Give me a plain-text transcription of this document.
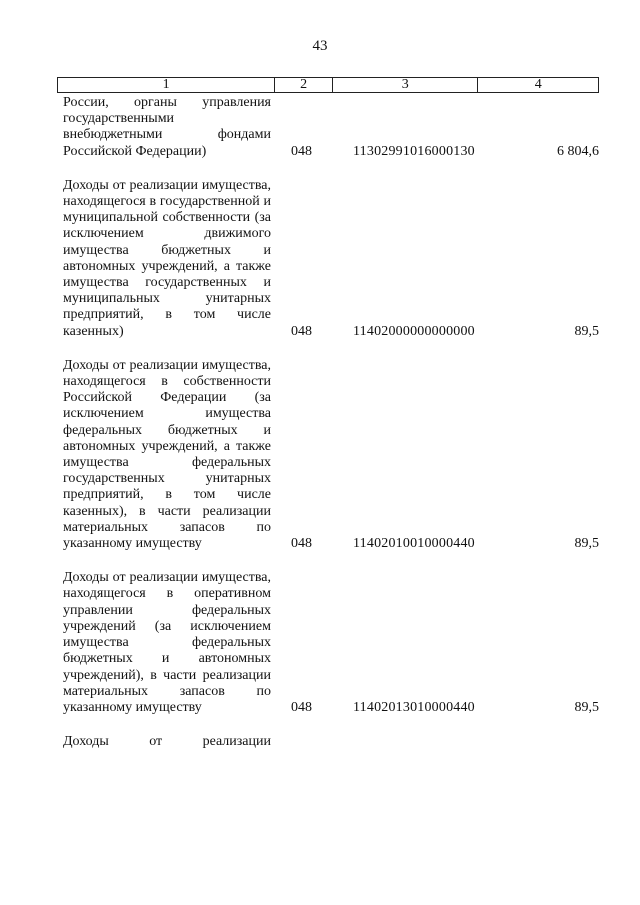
43
1	2	3	4
России, органы управления государственными внебюджетными фондами Российской Федерации)	048	11302991016000130	6 804,6
Доходы от реализации имущества, находящегося в государственной и муниципальной собственности (за исключением движимого имущества бюджетных и автономных учреждений, а также имущества государственных и муниципальных унитарных предприятий, в том числе казенных)	048	11402000000000000	89,5
Доходы от реализации имущества, находящегося в собственности Российской Федерации (за исключением имущества федеральных бюджетных и автономных учреждений, а также имущества федеральных государственных унитарных предприятий, в том числе казенных), в части реализации материальных запасов по указанному имуществу	048	11402010010000440	89,5
Доходы от реализации имущества, находящегося в оперативном управлении федеральных учреждений (за исключением имущества федеральных бюджетных и автономных учреждений), в части реализации материальных запасов по указанному имуществу	048	11402013010000440	89,5
Доходы от реализации
